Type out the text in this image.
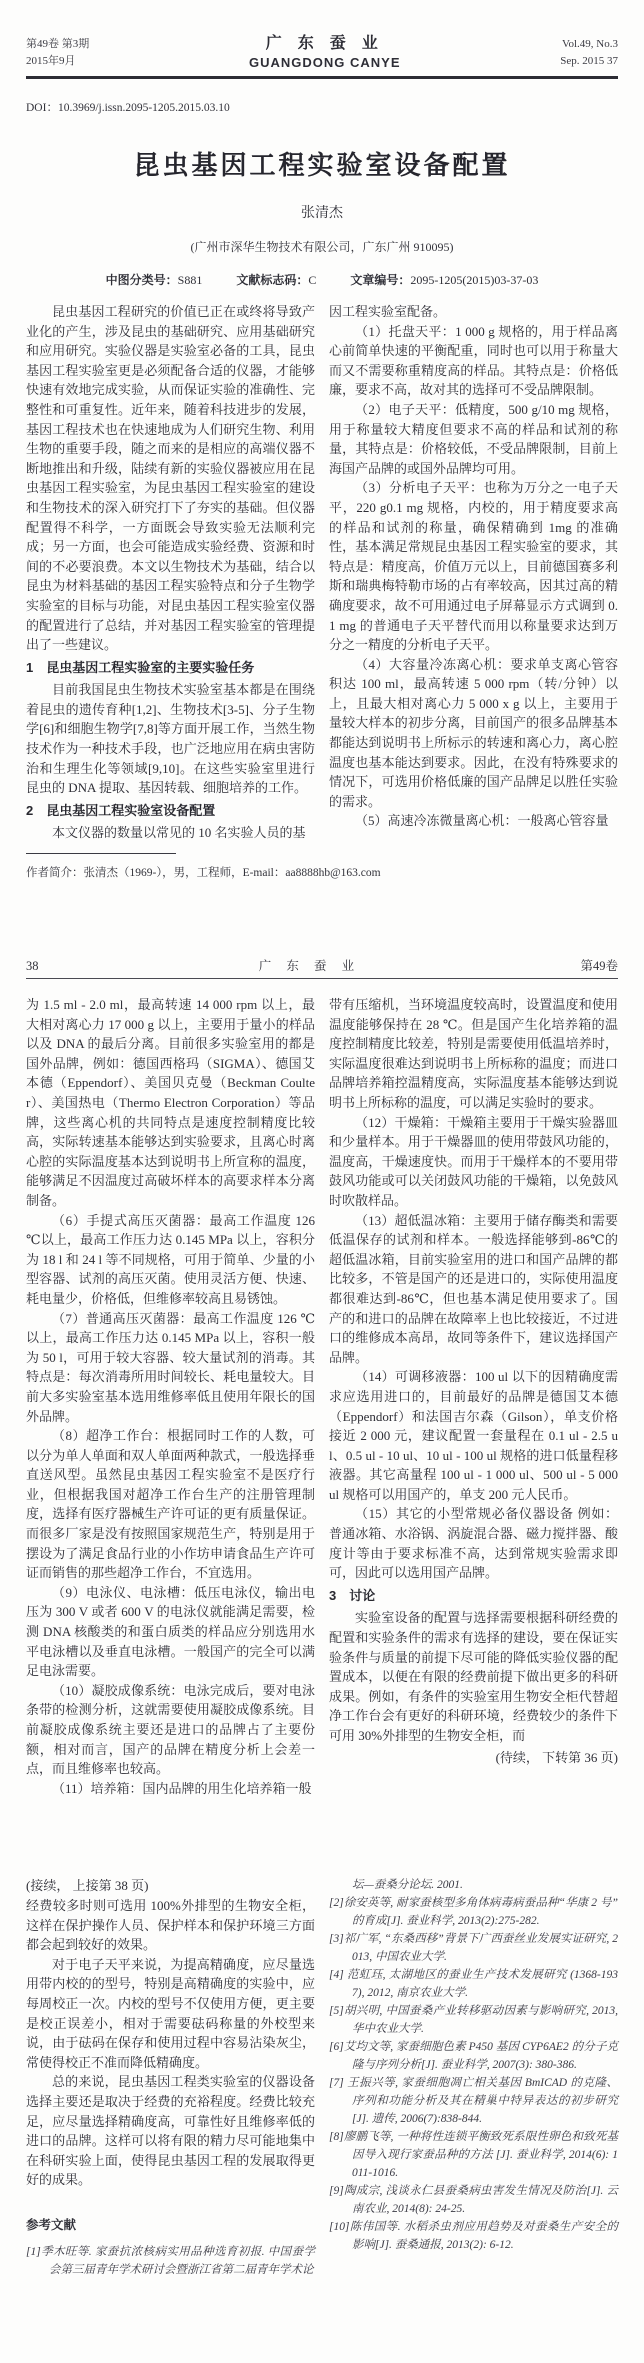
第49卷 第3期
2015年9月
广 东 蚕 业
GUANGDONG CANYE
Vol.49, No.3
Sep. 2015 37
DOI：10.3969/j.issn.2095-1205.2015.03.10
昆虫基因工程实验室设备配置
张清杰
(广州市深华生物技术有限公司，广东广州 910095)
中图分类号：S881	文献标志码：C	文章编号：2095-1205(2015)03-37-03

昆虫基因工程研究的价值已正在或终将导致产业化的产生，涉及昆虫的基础研究、应用基础研究和应用研究。实验仪器是实验室必备的工具，昆虫基因工程实验室更是必须配备合适的仪器，才能够快速有效地完成实验，从而保证实验的准确性、完整性和可重复性。近年来，随着科技进步的发展，基因工程技术也在快速地成为人们研究生物、利用生物的重要手段，随之而来的是相应的高端仪器不断地推出和升级，陆续有新的实验仪器被应用在昆虫基因工程实验室，为昆虫基因工程实验室的建设和生物技术的深入研究打下了夯实的基础。但仪器配置得不科学，一方面既会导致实验无法顺利完成；另一方面，也会可能造成实验经费、资源和时间的不必要浪费。本文以生物技术为基础，结合以昆虫为材料基础的基因工程实验特点和分子生物学实验室的目标与功能，对昆虫基因工程实验室仪器的配置进行了总结，并对基因工程实验室的管理提出了一些建议。

1　昆虫基因工程实验室的主要实验任务

目前我国昆虫生物技术实验室基本都是在围绕着昆虫的遗传育种[1,2]、生物技术[3-5]、分子生物学[6]和细胞生物学[7,8]等方面开展工作，当然生物技术作为一种技术手段，也广泛地应用在病虫害防治和生理生化等领域[9,10]。在这些实验室里进行昆虫的 DNA 提取、基因转载、细胞培养的工作。

2　昆虫基因工程实验室设备配置

本文仪器的数量以常见的 10 名实验人员的基

因工程实验室配备。

（1）托盘天平：1 000 g 规格的，用于样品离心前简单快速的平衡配重，同时也可以用于称量大而又不需要称重精度高的样品。其特点是：价格低廉，要求不高，故对其的选择可不受品牌限制。

（2）电子天平：低精度，500 g/10 mg 规格，用于称量较大精度但要求不高的样品和试剂的称量，其特点是：价格较低，不受品牌限制，目前上海国产品牌的或国外品牌均可用。

（3）分析电子天平：也称为万分之一电子天平，220 g0.1 mg 规格，内校的，用于精度要求高的样品和试剂的称量，确保精确到 1mg 的准确性，基本满足常规昆虫基因工程实验室的要求，其特点是：精度高，价值万元以上，目前德国赛多利斯和瑞典梅特勒市场的占有率较高，因其过高的精确度要求，故不可用通过电子屏幕显示方式调到 0.1 mg 的普通电子天平替代而用以称量要求达到万分之一精度的分析电子天平。

（4）大容量冷冻离心机：要求单支离心管容积达 100 ml，最高转速 5 000 rpm（转/分钟）以上，且最大相对离心力 5 000 x g 以上，主要用于量较大样本的初步分离，目前国产的很多品牌基本都能达到说明书上所标示的转速和离心力，离心腔温度也基本能达到要求。因此，在没有特殊要求的情况下，可选用价格低廉的国产品牌足以胜任实验的需求。

（5）高速冷冻微量离心机：一般离心管容量

作者简介：张清杰（1969-），男，工程师，E-mail：aa8888hb@163.com
38	广 东 蚕 业	第49卷

为 1.5 ml - 2.0 ml，最高转速 14 000 rpm 以上，最大相对离心力 17 000 g 以上，主要用于量小的样品以及 DNA 的最后分离。目前很多实验室用的都是国外品牌，例如：德国西格玛（SIGMA）、德国艾本德（Eppendorf）、美国贝克曼（Beckman Coulter）、美国热电（Thermo Electron Corporation）等品牌，这些离心机的共同特点是速度控制精度比较高，实际转速基本能够达到实验要求，且离心时离心腔的实际温度基本达到说明书上所宣称的温度，能够满足不因温度过高破坏样本的高要求样本分离制备。

（6）手提式高压灭菌器：最高工作温度 126 ℃以上，最高工作压力达 0.145 MPa 以上，容积分为 18 l 和 24 l 等不同规格，可用于简单、少量的小型容器、试剂的高压灭菌。使用灵活方便、快速、耗电量少，价格低，但维修率较高且易锈蚀。

（7）普通高压灭菌器：最高工作温度 126 ℃以上，最高工作压力达 0.145 MPa 以上，容积一般为 50 l，可用于较大容器、较大量试剂的消毒。其特点是：每次消毒所用时间较长、耗电量较大。目前大多实验室基本选用维修率低且使用年限长的国外品牌。

（8）超净工作台：根据同时工作的人数，可以分为单人单面和双人单面两种款式，一般选择垂直送风型。虽然昆虫基因工程实验室不是医疗行业，但根据我国对超净工作台生产的注册管理制度，选择有医疗器械生产许可证的更有质量保证。而很多厂家是没有按照国家规范生产，特别是用于摆设为了满足食品行业的小作坊申请食品生产许可证而销售的那些超净工作台，不宜选用。

（9）电泳仪、电泳槽：低压电泳仪，输出电压为 300 V 或者 600 V 的电泳仪就能满足需要，检测 DNA 核酸类的和蛋白质类的样品应分别选用水平电泳槽以及垂直电泳槽。一般国产的完全可以满足电泳需要。

（10）凝胶成像系统：电泳完成后，要对电泳条带的检测分析，这就需要使用凝胶成像系统。目前凝胶成像系统主要还是进口的品牌占了主要份额，相对而言，国产的品牌在精度分析上会差一点，而且维修率也较高。

（11）培养箱：国内品牌的用生化培养箱一般

带有压缩机，当环境温度较高时，设置温度和使用温度能够保持在 28 ℃。但是国产生化培养箱的温度控制精度比较差，特别是需要使用低温培养时，实际温度很难达到说明书上所标称的温度；而进口品牌培养箱控温精度高，实际温度基本能够达到说明书上所标称的温度，可以满足实验时的要求。

（12）干燥箱：干燥箱主要用于干燥实验器皿和少量样本。用于干燥器皿的使用带鼓风功能的，温度高，干燥速度快。而用于干燥样本的不要用带鼓风功能或可以关闭鼓风功能的干燥箱，以免鼓风时吹散样品。

（13）超低温冰箱：主要用于储存酶类和需要低温保存的试剂和样本。一般选择能够到-86℃的超低温冰箱，目前实验室用的进口和国产品牌的都比较多，不管是国产的还是进口的，实际使用温度都很难达到-86℃，但也基本满足使用要求了。国产的和进口的品牌在故障率上也比较接近，不过进口的维修成本高昂，故同等条件下，建议选择国产品牌。

（14）可调移液器：100 ul 以下的因精确度需求应选用进口的，目前最好的品牌是德国艾本德（Eppendorf）和法国吉尔森（Gilson），单支价格接近 2 000 元，建议配置一套量程在 0.1 ul - 2.5 ul、0.5 ul - 10 ul、10 ul - 100 ul 规格的进口低量程移液器。其它高量程 100 ul - 1 000 ul、500 ul - 5 000 ul 规格可以用国产的，单支 200 元人民币。

（15）其它的小型常规必备仪器设备 例如：普通冰箱、水浴锅、涡旋混合器、磁力搅拌器、酸度计等由于要求标准不高，达到常规实验需求即可，因此可以选用国产品牌。

3　讨论

实验室设备的配置与选择需要根据科研经费的配置和实验条件的需求有选择的建设，要在保证实验条件与质量的前提下尽可能的降低实验仪器的配置成本，以便在有限的经费前提下做出更多的科研成果。例如，有条件的实验室用生物安全柜代替超净工作台会有更好的科研环境，经费较少的条件下可用 30%外排型的生物安全柜，而

(待续， 下转第 36 页)

(接续， 上接第 38 页)

经费较多时则可选用 100%外排型的生物安全柜，这样在保护操作人员、保护样本和保护环境三方面都会起到较好的效果。

对于电子天平来说，为提高精确度，应尽量选用带内校的的型号，特别是高精确度的实验中，应每周校正一次。内校的型号不仅使用方便，更主要是校正误差小，相对于需要砝码称量的外校型来说，由于砝码在保存和使用过程中容易沾染灰尘，常使得校正不准而降低精确度。

总的来说，昆虫基因工程类实验室的仪器设备选择主要还是取决于经费的充裕程度。经费比较充足，应尽量选择精确度高，可靠性好且维修率低的进口的品牌。这样可以将有限的精力尽可能地集中在科研实验上面，使得昆虫基因工程的发展取得更好的成果。

参考文献

[1]季木旺等. 家蚕抗浓核病实用品种选育初报. 中国蚕学会第三届青年学术研讨会暨浙江省第二届青年学术论

坛—蚕桑分论坛. 2001.

[2]徐安英等, 耐家蚕核型多角体病毒病蚕品种“华康 2 号”的育成[J]. 蚕业科学, 2013(2):275-282.

[3]祁广军, “东桑西移”背景下广西蚕丝业发展实证研究, 2013, 中国农业大学.

[4] 范虹珏, 太湖地区的蚕业生产技术发展研究 (1368-1937), 2012, 南京农业大学.

[5]胡兴明, 中国蚕桑产业转移驱动因素与影响研究, 2013, 华中农业大学.

[6]艾均文等, 家蚕细胞色素 P450 基因 CYP6AE2 的分子克隆与序列分析[J]. 蚕业科学, 2007(3): 380-386.

[7] 王振兴等, 家蚕细胞凋亡相关基因 BmICAD 的克隆、序列和功能分析及其在精巢中特异表达的初步研究[J]. 遗传, 2006(7):838-844.

[8]廖鹏飞等, 一种将性连锁平衡致死系限性卵色和致死基因导入现行家蚕品种的方法 [J]. 蚕业科学, 2014(6): 1011-1016.

[9]陶成宗, 浅谈永仁县蚕桑病虫害发生情况及防治[J]. 云南农业, 2014(8): 24-25.

[10]陈伟国等. 水稻杀虫剂应用趋势及对蚕桑生产安全的影响[J]. 蚕桑通报, 2013(2): 6-12.
